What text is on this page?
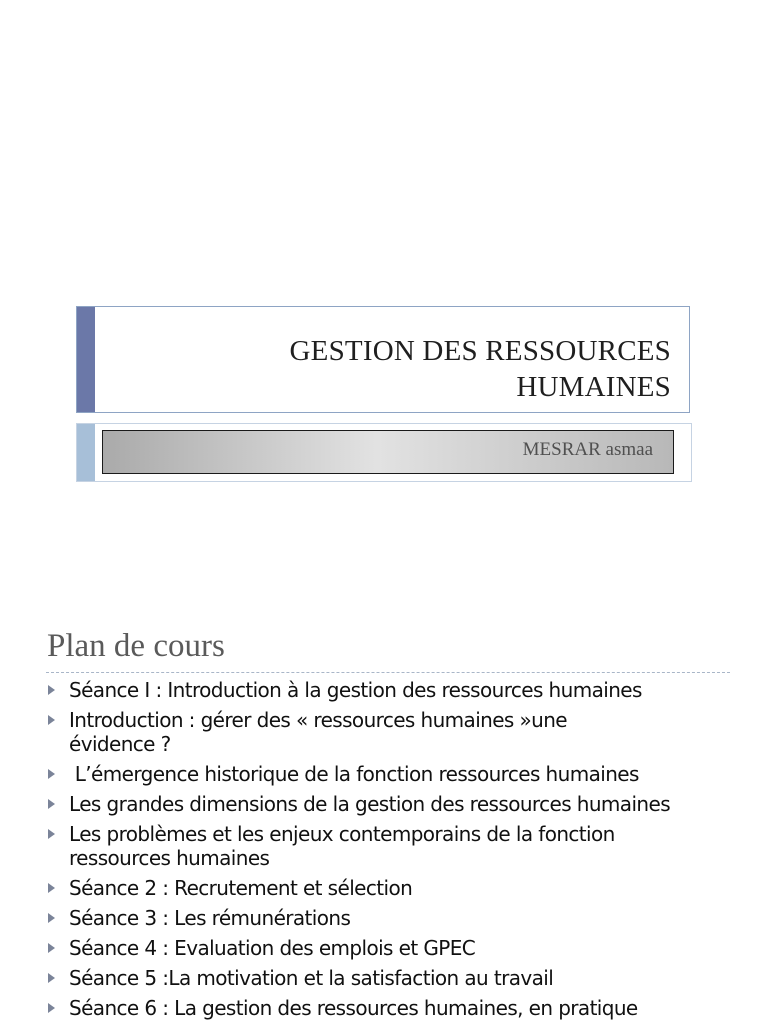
GESTION DES RESSOURCES
HUMAINES
MESRAR asmaa
Plan de cours
Séance I : Introduction à la gestion des ressources humaines
Introduction : gérer des « ressources humaines »une
évidence ?
L’émergence historique de la fonction ressources humaines
Les grandes dimensions de la gestion des ressources humaines
Les problèmes et les enjeux contemporains de la fonction
ressources humaines
Séance 2 : Recrutement et sélection
Séance 3 : Les rémunérations
Séance 4 : Evaluation des emplois et GPEC
Séance 5 :La motivation et la satisfaction au travail
Séance 6 : La gestion des ressources humaines, en pratique
